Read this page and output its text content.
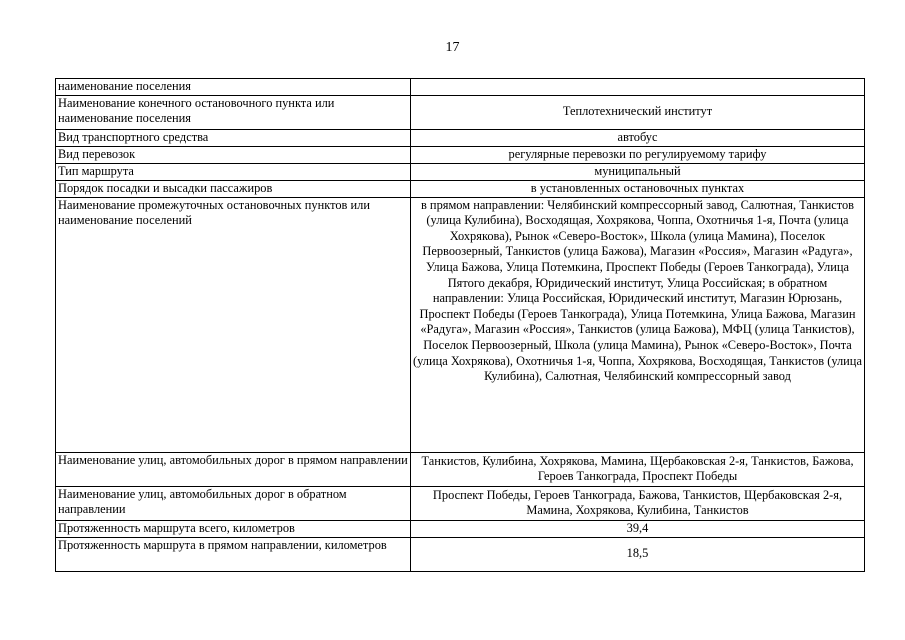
17
наименование поселения	
Наименование конечного остановочного пункта или наименование поселения	Теплотехнический институт
Вид транспортного средства	автобус
Вид перевозок	регулярные перевозки по регулируемому тарифу
Тип маршрута	муниципальный
Порядок посадки и высадки пассажиров	в установленных остановочных пунктах
Наименование промежуточных остановочных пунктов или наименование поселений	в прямом направлении: Челябинский компрессорный завод, Салютная, Танкистов (улица Кулибина), Восходящая, Хохрякова, Чоппа, Охотничья 1-я, Почта (улица Хохрякова), Рынок «Северо-Восток», Школа (улица Мамина), Поселок Первоозерный, Танкистов (улица Бажова), Магазин «Россия», Магазин «Радуга», Улица Бажова, Улица Потемкина, Проспект Победы (Героев Танкограда), Улица Пятого декабря, Юридический институт, Улица Российская; в обратном направлении: Улица Российская, Юридический институт, Магазин Юрюзань, Проспект Победы (Героев Танкограда), Улица Потемкина, Улица Бажова, Магазин «Радуга», Магазин «Россия», Танкистов (улица Бажова), МФЦ (улица Танкистов), Поселок Первоозерный, Школа (улица Мамина), Рынок «Северо-Восток», Почта (улица Хохрякова), Охотничья 1-я, Чоппа, Хохрякова, Восходящая, Танкистов (улица Кулибина), Салютная, Челябинский компрессорный завод
Наименование улиц, автомобильных дорог в прямом направлении	Танкистов, Кулибина, Хохрякова, Мамина, Щербаковская 2-я, Танкистов, Бажова, Героев Танкограда, Проспект Победы
Наименование улиц, автомобильных дорог в обратном направлении	Проспект Победы, Героев Танкограда, Бажова, Танкистов, Щербаковская 2-я, Мамина, Хохрякова, Кулибина, Танкистов
Протяженность маршрута всего, километров	39,4
Протяженность маршрута в прямом направлении, километров	18,5
